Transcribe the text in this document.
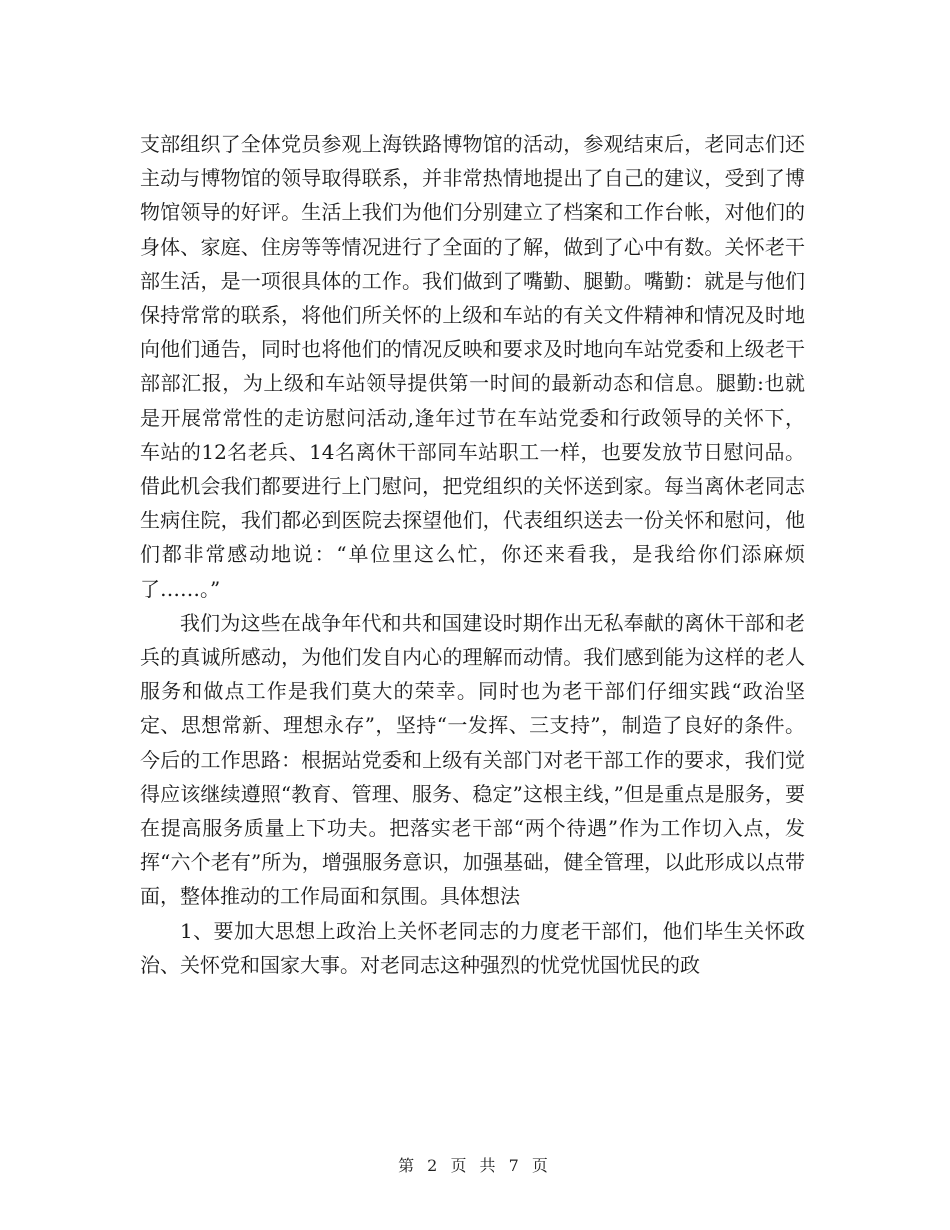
支部组织了全体党员参观上海铁路博物馆的活动，参观结束后，老同志们还主动与博物馆的领导取得联系，并非常热情地提出了自己的建议，受到了博物馆领导的好评。生活上我们为他们分别建立了档案和工作台帐，对他们的身体、家庭、住房等等情况进行了全面的了解，做到了心中有数。关怀老干部生活，是一项很具体的工作。我们做到了嘴勤、腿勤。嘴勤：就是与他们保持常常的联系，将他们所关怀的上级和车站的有关文件精神和情况及时地向他们通告，同时也将他们的情况反映和要求及时地向车站党委和上级老干部部汇报，为上级和车站领导提供第一时间的最新动态和信息。腿勤:也就是开展常常性的走访慰问活动,逢年过节在车站党委和行政领导的关怀下，车站的12名老兵、14名离休干部同车站职工一样，也要发放节日慰问品。借此机会我们都要进行上门慰问，把党组织的关怀送到家。每当离休老同志生病住院，我们都必到医院去探望他们，代表组织送去一份关怀和慰问，他们都非常感动地说：“单位里这么忙，你还来看我，是我给你们添麻烦了……。”

我们为这些在战争年代和共和国建设时期作出无私奉献的离休干部和老兵的真诚所感动，为他们发自内心的理解而动情。我们感到能为这样的老人服务和做点工作是我们莫大的荣幸。同时也为老干部们仔细实践“政治坚定、思想常新、理想永存”，坚持“一发挥、三支持”，制造了良好的条件。今后的工作思路：根据站党委和上级有关部门对老干部工作的要求，我们觉得应该继续遵照“教育、管理、服务、稳定”这根主线，”但是重点是服务，要在提高服务质量上下功夫。把落实老干部“两个待遇”作为工作切入点，发挥“六个老有”所为，增强服务意识，加强基础，健全管理，以此形成以点带面，整体推动的工作局面和氛围。具体想法

1、要加大思想上政治上关怀老同志的力度老干部们，他们毕生关怀政治、关怀党和国家大事。对老同志这种强烈的忧党忧国忧民的政

第 2 页 共 7 页
